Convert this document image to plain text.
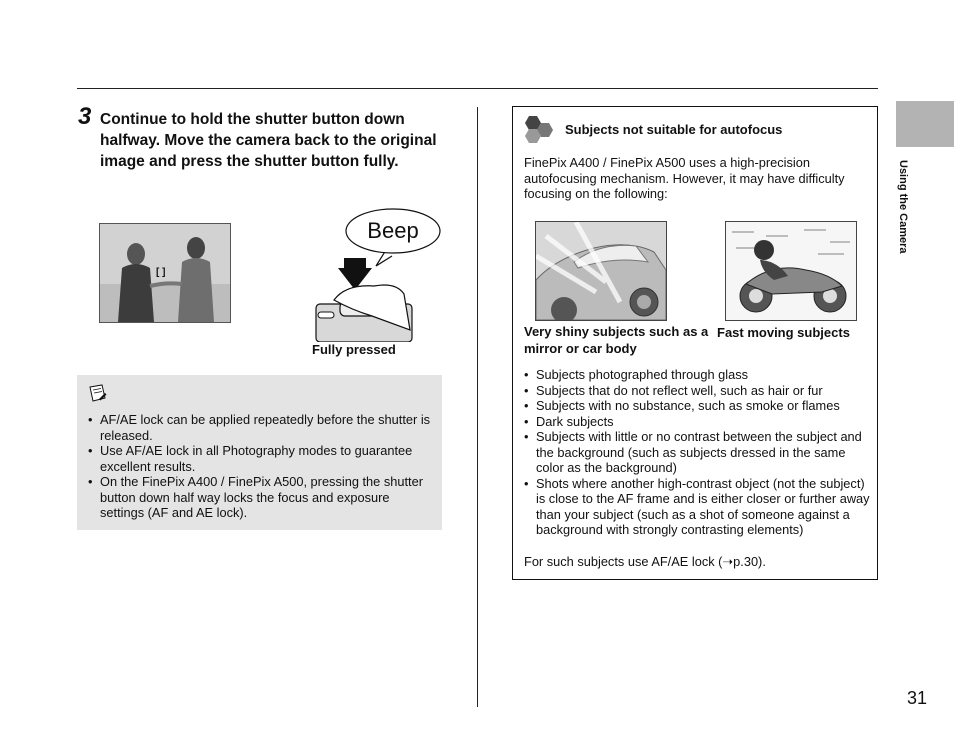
3 Continue to hold the shutter button down halfway. Move the camera back to the original image and press the shutter button fully.
[ ]
Beep
Fully pressed
• AF/AE lock can be applied repeatedly before the shutter is released.
• Use AF/AE lock in all Photography modes to guarantee excellent results.
• On the FinePix A400 / FinePix A500, pressing the shutter button down half way locks the focus and exposure settings (AF and AE lock).
Subjects not suitable for autofocus
FinePix A400 / FinePix A500 uses a high-precision autofocusing mechanism. However, it may have difficulty focusing on the following:
Very shiny subjects such as a mirror or car body
Fast moving subjects
• Subjects photographed through glass
• Subjects that do not reflect well, such as hair or fur
• Subjects with no substance, such as smoke or flames
• Dark subjects
• Subjects with little or no contrast between the subject and the background (such as subjects dressed in the same color as the background)
• Shots where another high-contrast object (not the subject) is close to the AF frame and is either closer or further away than your subject (such as a shot of someone against a background with strongly contrasting elements)
For such subjects use AF/AE lock (➝p.30).
Using the Camera
31
